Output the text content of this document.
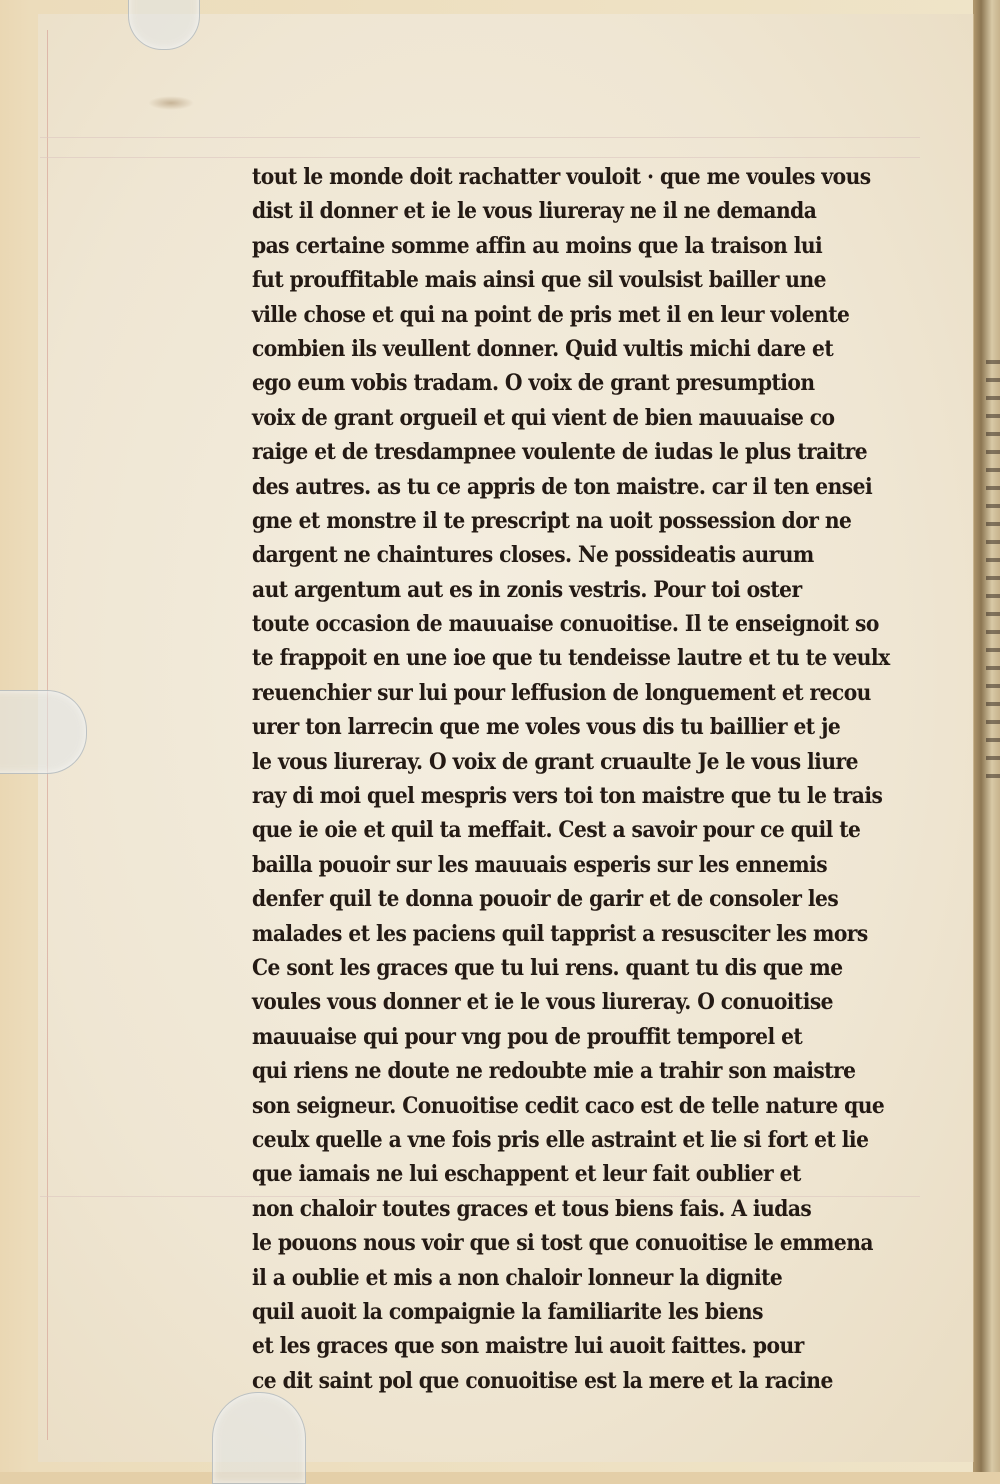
tout le monde doit rachatter vouloit · que me voules vous
dist il donner et ie le vous liureray ne il ne demanda
pas certaine somme affin au moins que la traison lui
fut prouffitable mais ainsi que sil voulsist bailler une
ville chose et qui na point de pris met il en leur volente
combien ils veullent donner. Quid vultis michi dare et
ego eum vobis tradam. O voix de grant presumption
voix de grant orgueil et qui vient de bien mauuaise co
raige et de tresdampnee voulente de iudas le plus traitre
des autres. as tu ce appris de ton maistre. car il ten ensei
gne et monstre il te prescript na uoit possession dor ne
dargent ne chaintures closes. Ne possideatis aurum
aut argentum aut es in zonis vestris. Pour toi oster
toute occasion de mauuaise conuoitise. Il te enseignoit so
te frappoit en une ioe que tu tendeisse lautre et tu te veulx
reuenchier sur lui pour leffusion de longuement et recou
urer ton larrecin que me voles vous dis tu baillier et je
le vous liureray. O voix de grant cruaulte Je le vous liure
ray di moi quel mespris vers toi ton maistre que tu le trais
que ie oie et quil ta meffait. Cest a savoir pour ce quil te
bailla pouoir sur les mauuais esperis sur les ennemis
denfer quil te donna pouoir de garir et de consoler les
malades et les paciens quil tapprist a resusciter les mors
Ce sont les graces que tu lui rens. quant tu dis que me
voules vous donner et ie le vous liureray. O conuoitise
mauuaise qui pour vng pou de prouffit temporel et
qui riens ne doute ne redoubte mie a trahir son maistre
son seigneur. Conuoitise cedit caco est de telle nature que
ceulx quelle a vne fois pris elle astraint et lie si fort et lie
que iamais ne lui eschappent et leur fait oublier et
non chaloir toutes graces et tous biens fais. A iudas
le pouons nous voir que si tost que conuoitise le emmena
il a oublie et mis a non chaloir lonneur la dignite
quil auoit la compaignie la familiarite les biens
et les graces que son maistre lui auoit faittes. pour
ce dit saint pol que conuoitise est la mere et la racine
